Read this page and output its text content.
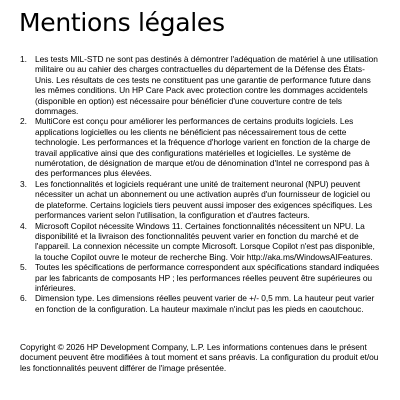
Mentions légales
1. Les tests MIL-STD ne sont pas destinés à démontrer l'adéquation de matériel à une utilisation militaire ou au cahier des charges contractuelles du département de la Défense des États-Unis. Les résultats de ces tests ne constituent pas une garantie de performance future dans les mêmes conditions. Un HP Care Pack avec protection contre les dommages accidentels (disponible en option) est nécessaire pour bénéficier d'une couverture contre de tels dommages.
2. MultiCore est conçu pour améliorer les performances de certains produits logiciels. Les applications logicielles ou les clients ne bénéficient pas nécessairement tous de cette technologie. Les performances et la fréquence d'horloge varient en fonction de la charge de travail applicative ainsi que des configurations matérielles et logicielles. Le système de numérotation, de désignation de marque et/ou de dénomination d'Intel ne correspond pas à des performances plus élevées.
3. Les fonctionnalités et logiciels requérant une unité de traitement neuronal (NPU) peuvent nécessiter un achat un abonnement ou une activation auprès d'un fournisseur de logiciel ou de plateforme. Certains logiciels tiers peuvent aussi imposer des exigences spécifiques. Les performances varient selon l'utilisation, la configuration et d'autres facteurs.
4. Microsoft Copilot nécessite Windows 11. Certaines fonctionnalités nécessitent un NPU. La disponibilité et la livraison des fonctionnalités peuvent varier en fonction du marché et de l'appareil. La connexion nécessite un compte Microsoft. Lorsque Copilot n'est pas disponible, la touche Copilot ouvre le moteur de recherche Bing. Voir http://aka.ms/WindowsAIFeatures.
5. Toutes les spécifications de performance correspondent aux spécifications standard indiquées par les fabricants de composants HP ; les performances réelles peuvent être supérieures ou inférieures.
6. Dimension type. Les dimensions réelles peuvent varier de +/- 0,5 mm. La hauteur peut varier en fonction de la configuration. La hauteur maximale n'inclut pas les pieds en caoutchouc.

Copyright © 2026 HP Development Company, L.P. Les informations contenues dans le présent document peuvent être modifiées à tout moment et sans préavis. La configuration du produit et/ou les fonctionnalités peuvent différer de l'image présentée.
